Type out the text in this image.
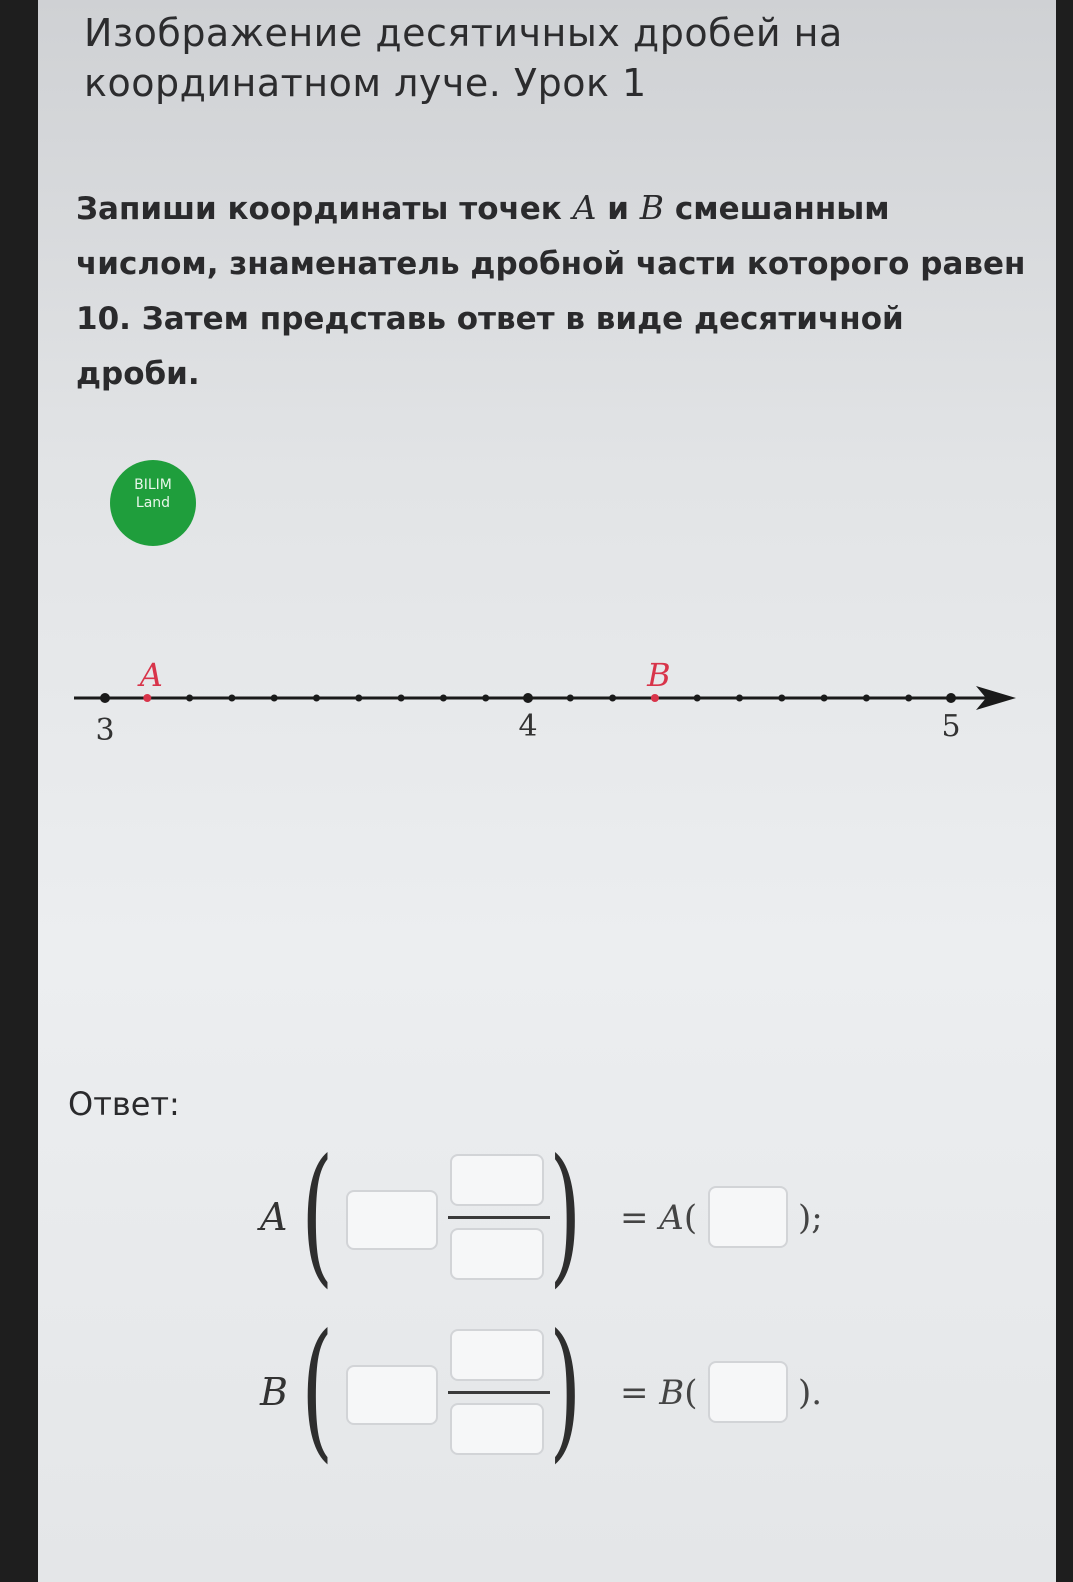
Изображение десятичных дробей на координатном луче. Урок 1
Запиши координаты точек A и B смешанным числом, знаменатель дробной части которого равен 10. Затем представь ответ в виде десятичной дроби.
BILIM
Land
3	4	5
A	B
Ответ:
A ( ( = A(	);
B ( ( = B(	).
